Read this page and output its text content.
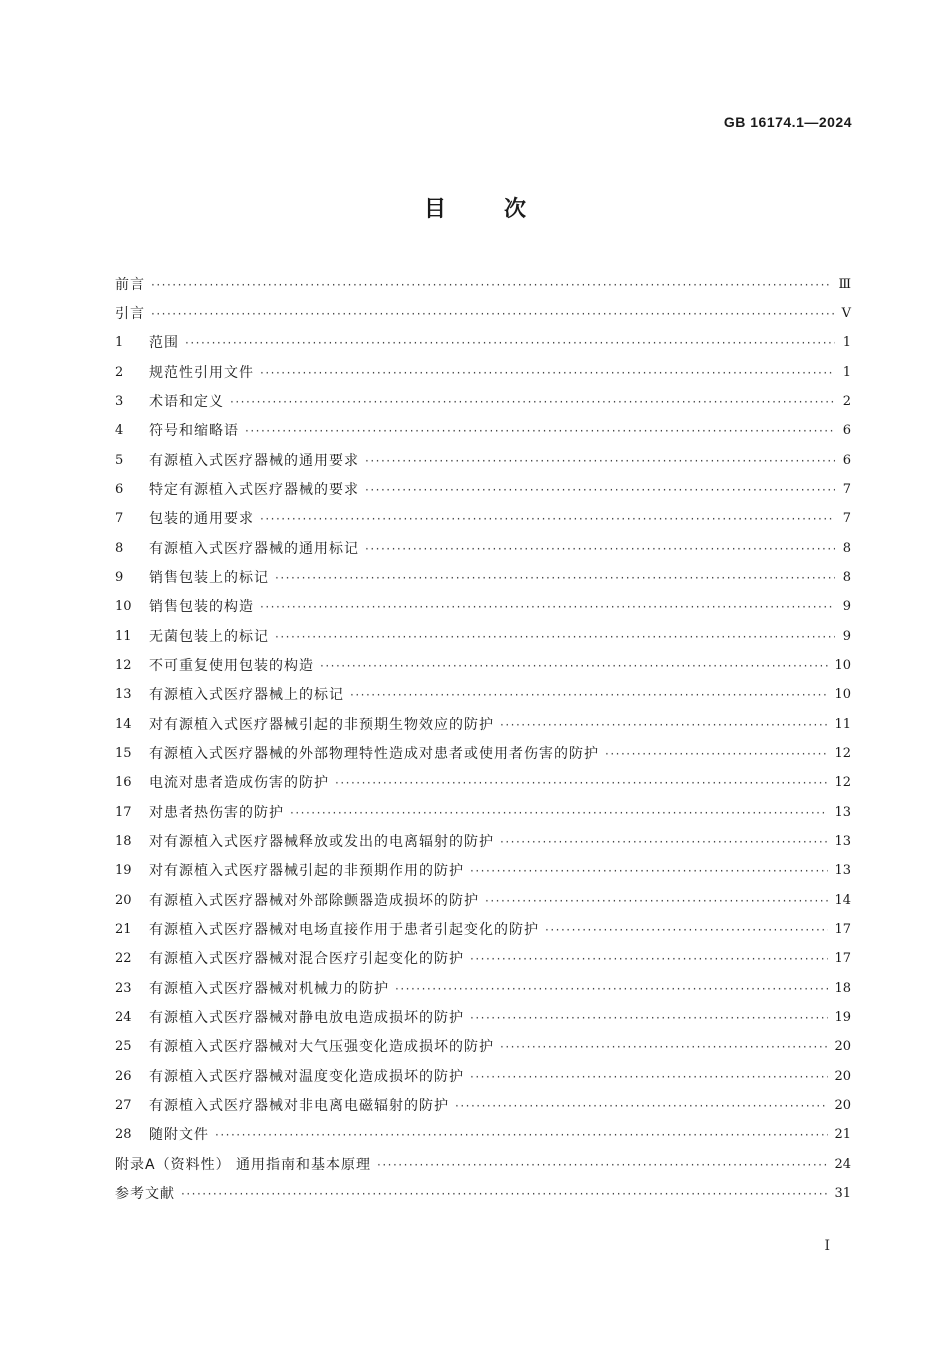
GB 16174.1—2024
目次
前言 ·····	Ⅲ
引言 ·····	Ⅴ
1	范围 ·····	1
2	规范性引用文件 ·····	1
3	术语和定义 ·····	2
4	符号和缩略语 ·····	6
5	有源植入式医疗器械的通用要求 ·····	6
6	特定有源植入式医疗器械的要求 ·····	7
7	包装的通用要求 ·····	7
8	有源植入式医疗器械的通用标记 ·····	8
9	销售包装上的标记 ·····	8
10	销售包装的构造 ·····	9
11	无菌包装上的标记 ·····	9
12	不可重复使用包装的构造 ·····	10
13	有源植入式医疗器械上的标记 ·····	10
14	对有源植入式医疗器械引起的非预期生物效应的防护 ·····	11
15	有源植入式医疗器械的外部物理特性造成对患者或使用者伤害的防护 ·····	12
16	电流对患者造成伤害的防护 ·····	12
17	对患者热伤害的防护 ·····	13
18	对有源植入式医疗器械释放或发出的电离辐射的防护 ·····	13
19	对有源植入式医疗器械引起的非预期作用的防护 ·····	13
20	有源植入式医疗器械对外部除颤器造成损坏的防护 ·····	14
21	有源植入式医疗器械对电场直接作用于患者引起变化的防护 ·····	17
22	有源植入式医疗器械对混合医疗引起变化的防护 ·····	17
23	有源植入式医疗器械对机械力的防护 ·····	18
24	有源植入式医疗器械对静电放电造成损坏的防护 ·····	19
25	有源植入式医疗器械对大气压强变化造成损坏的防护 ·····	20
26	有源植入式医疗器械对温度变化造成损坏的防护 ·····	20
27	有源植入式医疗器械对非电离电磁辐射的防护 ·····	20
28	随附文件 ·····	21
附录A（资料性） 通用指南和基本原理 ·····	24
参考文献 ·····	31
I
